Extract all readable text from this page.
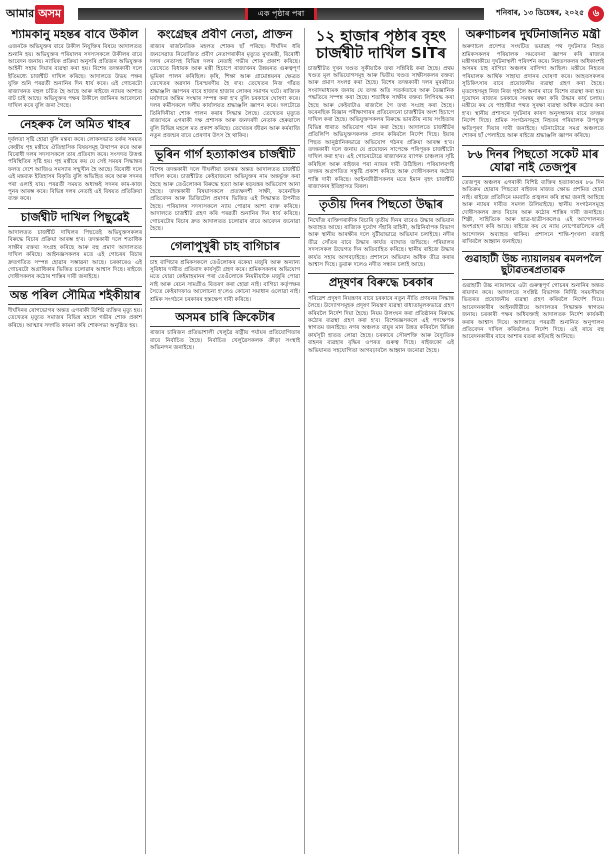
আমার অসম	এক পৃষ্ঠাৰ পৰা	শনিবাৰ, ১৩ ডিচেম্বৰ, ২০২৫ ৬
শ্যামকানু মহন্তৰ বাবে উকীল
এজনকৈ অভিযুক্তৰ বাবে উকীল নিযুক্তিৰ বিষয়ে আদালতত শুনানি হয়। অভিযুক্তৰ পৰিয়ালৰ সদস্যসকলে উকীলৰ বাবে আবেদন জনায়। ন্যায়িক প্ৰক্ৰিয়া অনুসৰি প্ৰতিজন অভিযুক্তক আইনী সহায় দিয়াৰ ব্যৱস্থা কৰা হয়। বিশেষ তদন্তকাৰী দলে ইতিমধ্যে চাৰ্জশ্বীট দাখিল কৰিছে। আদালতে উভয় পক্ষৰ যুক্তি শুনি পৰৱৰ্তী শুনানিৰ দিন ধাৰ্য কৰে। এই গোচৰটো ৰাজ্যখনত বহুল চৰ্চিত হৈ আছে আৰু ৰাইজে ন্যায়ৰ আশাত বাট চাই আছে। অভিযুক্তৰ পক্ষৰ উকীলে জামিনৰ আবেদনো দাখিল কৰে বুলি জনা গৈছে।
নেহৰুক লৈ অমিত শ্বাহৰ
দূৰ্বলতা সৃষ্টি হোৱা বুলি মন্তব্য কৰে। লোকসভাত তৰ্কৰ সময়ত কেন্দ্ৰীয় গৃহ মন্ত্ৰীয়ে ঐতিহাসিক বিষয়সমূহ উত্থাপন কৰে আৰু বিৰোধী দলৰ সদস্যসকলে তাৰ প্ৰতিবাদ কৰে। সংসদত উত্তপ্ত পৰিস্থিতিৰ সৃষ্টি হয়। গৃহ মন্ত্ৰীয়ে কয় যে সেই সময়ৰ সিদ্ধান্তৰ ফলত দেশে আজিও সমস্যাৰ সন্মুখীন হৈ আছে। বিৰোধী দলে এই মন্তব্যক ইতিহাসৰ বিকৃতি বুলি অভিহিত কৰে আৰু সদনৰ পৰা ওলাই যায়। পৰৱৰ্তী সময়ত অধ্যক্ষই সদনৰ কাম-কাজ পুনৰ আৰম্ভ কৰে। বিভিন্ন দলৰ নেতাই এই বিষয়ত প্ৰতিক্ৰিয়া ব্যক্ত কৰে।
চাৰ্জশ্বীট দাখিল পিছুৱেই
আদালতত চাৰ্জশ্বীট দাখিলৰ পিছতেই অভিযুক্তসকলৰ বিৰুদ্ধে বিচাৰ প্ৰক্ৰিয়া আৰম্ভ হ'ব। তদন্তকাৰী দলে শতাধিক সাক্ষীৰ বক্তব্য সংগ্ৰহ কৰিছে আৰু বহু প্ৰমাণ আদালতত দাখিল কৰিছে। আইনজ্ঞসকলৰ মতে এই গোচৰৰ বিচাৰ দ্ৰুতগতিত সম্পন্ন হোৱাৰ সম্ভাৱনা আছে। চৰকাৰেও এই গোচৰটো অগ্ৰাধিকাৰ ভিত্তিত চলোৱাৰ আশ্বাস দিছে। ৰাইজে দোষীসকলৰ কঠোৰ শাস্তিৰ দাবী জনাইছে।
অন্ত পৰিল সৌমিত্ৰ শইকীয়াৰ
দীৰ্ঘদিনৰ ৰোগভোগৰ অন্তত এগৰাকী বিশিষ্ট ব্যক্তিৰ মৃত্যু হয়। তেখেতৰ মৃত্যুত সমাজৰ বিভিন্ন মহলে গভীৰ শোক প্ৰকাশ কৰিছে। আত্মাৰ সদ্গতি কামনা কৰি শোকসভা অনুষ্ঠিত হয়।
কংগ্ৰেছৰ প্ৰবীণ নেতা, প্ৰাক্তন
ৰাজ্যৰ ৰাজনৈতিক মহলত শোকৰ ছাঁ পৰিছে। দীৰ্ঘদিন ধৰি জনসেৱাত নিয়োজিত প্ৰবীণ নেতাগৰাকীৰ মৃত্যুত মুখ্যমন্ত্ৰী, বিৰোধী দলৰ নেতাসহ বিভিন্ন দলৰ নেতাই গভীৰ শোক প্ৰকাশ কৰিছে। তেখেতে বিধায়ক আৰু মন্ত্ৰী হিচাপে ৰাজ্যখনৰ উন্নয়নত গুৰুত্বপূৰ্ণ ভূমিকা পালন কৰিছিল। কৃষি, শিক্ষা আৰু গ্ৰামোন্নয়নৰ ক্ষেত্ৰত তেখেতৰ অৱদান চিৰস্মৰণীয় হৈ ৰ'ব। তেখেতৰ নিজ গাঁৱত শ্ৰদ্ধাঞ্জলি জ্ঞাপনৰ বাবে হাজাৰ হাজাৰ লোকৰ সমাগম ঘটে। ৰাজ্যিক মৰ্যাদাৰে অন্তিম সংস্কাৰ সম্পন্ন কৰা হ'ব বুলি চৰকাৰে ঘোষণা কৰে। দলৰ কৰ্মীসকলে দলীয় কাৰ্যালয়ত শ্ৰদ্ধাঞ্জলি জ্ঞাপন কৰে। দলটোৱে তিনিদিনীয়া শোক পালন কৰাৰ সিদ্ধান্ত লৈছে। তেখেতৰ মৃত্যুত ৰাজ্যখনে এগৰাকী দক্ষ প্ৰশাসক আৰু জনদৰদী নেতাক হেৰুৱালে বুলি বিভিন্ন মহলে মত প্ৰকাশ কৰিছে। তেখেতৰ জীৱন আৰু কৰ্মৰাজি নতুন প্ৰজন্মৰ বাবে প্ৰেৰণাৰ উৎস হৈ থাকিব।
ভূৰিন গাৰ্গ হত্যাকাণ্ডৰ চাৰ্জশ্বীট
বিশেষ তদন্তকাৰী দলে দীঘলীয়া তদন্তৰ অন্তত আদালতত চাৰ্জশ্বীট দাখিল কৰে। চাৰ্জশ্বীটত কেইবাজনো অভিযুক্তৰ নাম অন্তৰ্ভুক্ত কৰা হৈছে আৰু তেওঁলোকৰ বিৰুদ্ধে হত্যা আৰু ষড়যন্ত্ৰৰ অভিযোগ আনা হৈছে। তদন্তকাৰী বিষয়াসকলে প্ৰত্যক্ষদৰ্শী সাক্ষী, ফৰেনছিক প্ৰতিবেদন আৰু ডিজিটেল প্ৰমাণৰ ভিত্তিত এই সিদ্ধান্তত উপনীত হৈছে। পৰিয়ালৰ সদস্যসকলে ন্যায় পোৱাৰ আশা ব্যক্ত কৰিছে। আদালতে চাৰ্জশ্বীট গ্ৰহণ কৰি পৰৱৰ্তী শুনানিৰ দিন ধাৰ্য কৰিছে। গোচৰটোৰ বিচাৰ দ্ৰুত আদালতত চলোৱাৰ বাবে আবেদন জনোৱা হৈছে।
গেলাপুখুৰী চাহ বাগিচাৰ
চাহ বাগিচাৰ শ্ৰমিকসকলে তেওঁলোকৰ বকেয়া মজুৰি আৰু অন্যান্য সুবিধাৰ দাবীত প্ৰতিবাদ কাৰ্যসূচী গ্ৰহণ কৰে। শ্ৰমিকসকলৰ অভিযোগ মতে যোৱা কেইমাহমানৰ পৰা তেওঁলোকে নিয়মীয়াকৈ মজুৰি পোৱা নাই আৰু ৰেচন সামগ্ৰীও বিতৰণ কৰা হোৱা নাই। বাগিচা কৰ্তৃপক্ষৰ সৈতে কেইবাদফাও আলোচনা হ'লেও কোনো সমাধান ওলোৱা নাই। শ্ৰমিক সংগঠনে চৰকাৰৰ হস্তক্ষেপ দাবী কৰিছে।
অসমৰ চাৰি ক্ৰিকেটাৰ
ৰাজ্যৰ চাৰিজন প্ৰতিভাশালী খেলুৱৈ ৰাষ্ট্ৰীয় পৰ্যায়ৰ প্ৰতিযোগিতাৰ বাবে নিৰ্বাচিত হৈছে। নিৰ্বাচিত খেলুৱৈসকলক ক্ৰীড়া সংস্থাই অভিনন্দন জনাইছে।
১২ হাজাৰ পৃষ্ঠাৰ বৃহৎ চাৰ্জশ্বীট দাখিল SITৰ
চাৰ্জশ্বীটত দুখন খণ্ডত সুকীয়াকৈ তথ্য সন্নিবিষ্ট কৰা হৈছে। প্ৰথম খণ্ডত মূল অভিযোগসমূহ আৰু দ্বিতীয় খণ্ডত সাক্ষীসকলৰ বক্তব্য আৰু প্ৰমাণ সংলগ্ন কৰা হৈছে। বিশেষ তদন্তকাৰী দলৰ মুৰব্বীয়ে সংবাদমাধ্যমক জনায় যে তদন্ত অতি সতৰ্কতাৰে আৰু বৈজ্ঞানিক পদ্ধতিৰে সম্পন্ন কৰা হৈছে। শতাধিক সাক্ষীৰ বক্তব্য লিপিবদ্ধ কৰা হৈছে আৰু কেইবাটাও ৰাজ্যলৈ গৈ তথ্য সংগ্ৰহ কৰা হৈছে। ফৰেনছিক বিজ্ঞান পৰীক্ষাগাৰৰ প্ৰতিবেদনো চাৰ্জশ্বীটৰ অংশ হিচাপে দাখিল কৰা হৈছে। অভিযুক্তসকলৰ বিৰুদ্ধে ভাৰতীয় ন্যায় সংহিতাৰ বিভিন্ন ধাৰাত অভিযোগ গঠন কৰা হৈছে। আদালতে চাৰ্জশ্বীটৰ প্ৰতিলিপি অভিযুক্তসকলক প্ৰদান কৰিবলৈ নিৰ্দেশ দিছে। ইয়াৰ পিছত আনুষ্ঠানিকভাৱে অভিযোগ গঠনৰ প্ৰক্ৰিয়া আৰম্ভ হ'ব। তদন্তকাৰী দলে জনায় যে প্ৰয়োজন সাপেক্ষে পৰিপূৰক চাৰ্জশ্বীটো দাখিল কৰা হ'ব। এই গোচৰটোৱে ৰাজ্যখনত ব্যাপক চাঞ্চল্যৰ সৃষ্টি কৰিছিল আৰু ৰাইজৰ পৰা ন্যায়ৰ দাবী উঠিছিল। পৰিয়ালবৰ্গই তদন্তৰ অগ্ৰগতিত সন্তুষ্টি প্ৰকাশ কৰিছে আৰু দোষীসকলৰ কঠোৰ শাস্তি দাবী কৰিছে। আইনজীৱীসকলৰ মতে ইমান বৃহৎ চাৰ্জশ্বীট ৰাজ্যখনৰ ইতিহাসত বিৰল।
তৃতীয় দিনৰ পিছতো উদ্ধাৰ
নিখোঁজ ব্যক্তিগৰাকীক বিচাৰি তৃতীয় দিনৰ বাবেও উদ্ধাৰ অভিযান অব্যাহত আছে। ৰাজ্যিক দুৰ্যোগ সঁহাৰি বাহিনী, অগ্নিনিৰ্বাপক বিভাগ আৰু স্থানীয় আৰক্ষীৰ দলে যুটীয়াভাৱে অভিযান চলাইছে। নদীৰ তীব্ৰ সোঁতৰ বাবে উদ্ধাৰ কাৰ্যত ব্যাঘাত জন্মিছে। পৰিয়ালৰ সদস্যসকল উদ্বেগত দিন অতিবাহিত কৰিছে। স্থানীয় ৰাইজে উদ্ধাৰ কাৰ্যত সহায় আগবঢ়াইছে। প্ৰশাসনে অভিযান অধিক তীব্ৰ কৰাৰ আশ্বাস দিছে। ডুবাৰু দলেও নদীত সন্ধান চলাই আছে।
প্ৰদূষণৰ বিৰুদ্ধে চৰকাৰ
পৰিৱেশ প্ৰদূষণ নিয়ন্ত্ৰণৰ বাবে চৰকাৰে নতুন নীতি প্ৰণয়নৰ সিদ্ধান্ত লৈছে। উদ্যোগসমূহক প্ৰদূষণ নিয়ন্ত্ৰণ ব্যৱস্থা বাধ্যতামূলকভাৱে গ্ৰহণ কৰিবলৈ নিৰ্দেশ দিয়া হৈছে। নিয়ম উলংঘন কৰা প্ৰতিষ্ঠানৰ বিৰুদ্ধে কঠোৰ ব্যৱস্থা গ্ৰহণ কৰা হ'ব। বিশেষজ্ঞসকলে এই পদক্ষেপক স্বাগতম জনাইছে। নগৰ অঞ্চলত বায়ুৰ মান উন্নত কৰিবলৈ বিভিন্ন কাৰ্যসূচী হাতত লোৱা হৈছে। চৰকাৰে সৌৰশক্তি আৰু বৈদ্যুতিক বাহনৰ ব্যৱহাৰ বৃদ্ধিৰ ওপৰত গুৰুত্ব দিছে। ৰাইজকো এই অভিযানত সহযোগিতা আগবঢ়াবলৈ আহ্বান জনোৱা হৈছে।
অৰুণাচলৰ দুৰ্ঘটনাজনিত মন্ত্ৰী
অৰুণাচল প্ৰদেশত সংঘটিত ভয়াৱহ পথ দুৰ্ঘটনাত নিহত শ্ৰমিকসকলৰ পৰিয়ালক সমবেদনা জ্ঞাপন কৰি ৰাজ্যৰ মন্ত্ৰীগৰাকীয়ে দুৰ্ঘটনাস্থলী পৰিদৰ্শন কৰে। নিহতসকলৰ অধিকাংশই অসমৰ চাহ বাগিচা অঞ্চলৰ বাসিন্দা আছিল। মন্ত্ৰীয়ে নিহতৰ পৰিয়ালক আৰ্থিক সাহায্য প্ৰদানৰ ঘোষণা কৰে। আহতসকলৰ সুচিকিৎসাৰ বাবে প্ৰয়োজনীয় ব্যৱস্থা গ্ৰহণ কৰা হৈছে। মৃতদেহসমূহ নিজ নিজ গৃহলৈ অনাৰ বাবে বিশেষ ব্যৱস্থা কৰা হয়। দুয়োখন ৰাজ্যৰ চৰকাৰে সমন্বয় ৰক্ষা কৰি উদ্ধাৰ কাৰ্য চলায়। মন্ত্ৰীয়ে কয় যে পাহাৰীয়া পথত সুৰক্ষা ব্যৱস্থা অধিক কঠোৰ কৰা হ'ব। স্থানীয় প্ৰশাসনে দুৰ্ঘটনাৰ কাৰণ অনুসন্ধানৰ বাবে তদন্তৰ নিৰ্দেশ দিছে। শ্ৰমিক সংগঠনসমূহে নিহতৰ পৰিয়ালক উপযুক্ত ক্ষতিপূৰণ দিয়াৰ দাবী জনাইছে। ঘটনাটোৱে সমগ্ৰ অঞ্চলতে শোকৰ ছাঁ পেলাইছে আৰু ৰাইজে শ্ৰদ্ধাঞ্জলি জ্ঞাপন কৰিছে।
৮৬ দিনৰ পিছতো সকেট মাৰ যোৱা নাই তেজপুৰ
তেজপুৰ অঞ্চলৰ এগৰাকী বিশিষ্ট ব্যক্তিৰ হত্যাকাণ্ডৰ ৮৬ দিন অতিক্ৰম হোৱাৰ পিছতো ৰাইজৰ মাজত ক্ষোভ প্ৰশমিত হোৱা নাই। ৰাইজে প্ৰতিদিনে মমবাতি প্ৰজ্বলন কৰি শ্ৰদ্ধা জনাই আহিছে আৰু ন্যায়ৰ দাবীত সমদল উলিয়াইছে। স্থানীয় সংগঠনসমূহে দোষীসকলৰ দ্ৰুত বিচাৰ আৰু কঠোৰ শাস্তিৰ দাবী জনাইছে। শিল্পী, সাহিত্যিক আৰু ছাত্ৰ-ছাত্ৰীসকলেও এই আন্দোলনত অংশগ্ৰহণ কৰি আছে। ৰাইজে কয় যে ন্যায় নোপোৱালৈকে এই আন্দোলন অব্যাহত থাকিব। প্ৰশাসনে শান্তি-শৃংখলা বজাই ৰাখিবলৈ আহ্বান জনাইছে।
গুৱাহাটী উচ্চ ন্যায়ালয়ৰ ৰমলপলৈ ছুটাৱতৰপ্ৰতাৱক
গুৱাহাটী উচ্চ ন্যায়ালয়ে এটা গুৰুত্বপূৰ্ণ গোচৰৰ শুনানিৰ অন্তত ৰায়দান কৰে। আদালতে সংশ্লিষ্ট বিভাগক নিৰ্দিষ্ট সময়সীমাৰ ভিতৰত প্ৰয়োজনীয় ব্যৱস্থা গ্ৰহণ কৰিবলৈ নিৰ্দেশ দিয়ে। আবেদনকাৰীৰ আইনজীৱীয়ে আদালতৰ সিদ্ধান্তক স্বাগতম জনায়। চৰকাৰী পক্ষৰ অধিবক্তাই আদালতক নিৰ্দেশ কাৰ্যকৰী কৰাৰ আশ্বাস দিয়ে। আদালতে পৰৱৰ্তী শুনানিত অনুপালন প্ৰতিবেদন দাখিল কৰিবলৈও নিৰ্দেশ দিছে। এই ৰায়ে বহু আবেদনকাৰীৰ বাবে আশাৰ বতৰা কঢ়িয়াই আনিছে।
